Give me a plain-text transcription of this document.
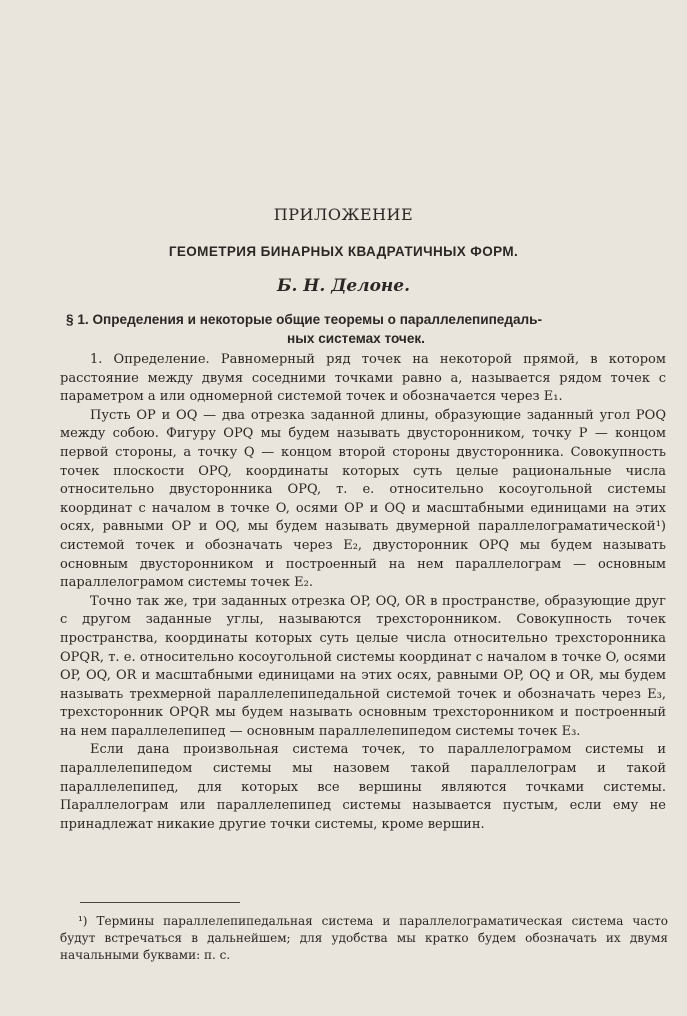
ПРИЛОЖЕНИЕ
ГЕОМЕТРИЯ БИНАРНЫХ КВАДРАТИЧНЫХ ФОРМ.
Б. Н. Делоне.
§ 1. Определения и некоторые общие теоремы о параллелепипедаль-
ных системах точек.

1. Определение. Равномерный ряд точек на некоторой прямой, в котором расстояние между двумя соседними точками равно a, называется рядом точек с параметром a или одномерной системой точек и обозначается через E₁.

Пусть OP и OQ — два отрезка заданной длины, образующие заданный угол POQ между собою. Фигуру OPQ мы будем называть двусторонником, точку P — концом первой стороны, а точку Q — концом второй стороны двусторонника. Совокупность точек плоскости OPQ, координаты которых суть целые рациональные числа относительно двусторонника OPQ, т. е. относительно косоугольной системы координат с началом в точке O, осями OP и OQ и масштабными единицами на этих осях, равными OP и OQ, мы будем называть двумерной параллелограматической¹) системой точек и обозначать через E₂, двусторонник OPQ мы будем называть основным двусторонником и построенный на нем параллелограм — основным параллелограмом системы точек E₂.

Точно так же, три заданных отрезка OP, OQ, OR в пространстве, образующие друг с другом заданные углы, называются трехсторонником. Совокупность точек пространства, координаты которых суть целые числа относительно трехсторонника OPQR, т. е. относительно косоугольной системы координат с началом в точке O, осями OP, OQ, OR и масштабными единицами на этих осях, равными OP, OQ и OR, мы будем называть трехмерной параллелепипедальной системой точек и обозначать через E₃, трехсторонник OPQR мы будем называть основным трехсторонником и построенный на нем параллелепипед — основным параллелепипедом системы точек E₃.

Если дана произвольная система точек, то параллелограмом системы и параллелепипедом системы мы назовем такой параллелограм и такой параллелепипед, для которых все вершины являются точками системы. Параллелограм или параллелепипед системы называется пустым, если ему не принадлежат никакие другие точки системы, кроме вершин.

¹) Термины параллелепипедальная система и параллелограматическая система часто будут встречаться в дальнейшем; для удобства мы кратко будем обозначать их двумя начальными буквами: п. с.
